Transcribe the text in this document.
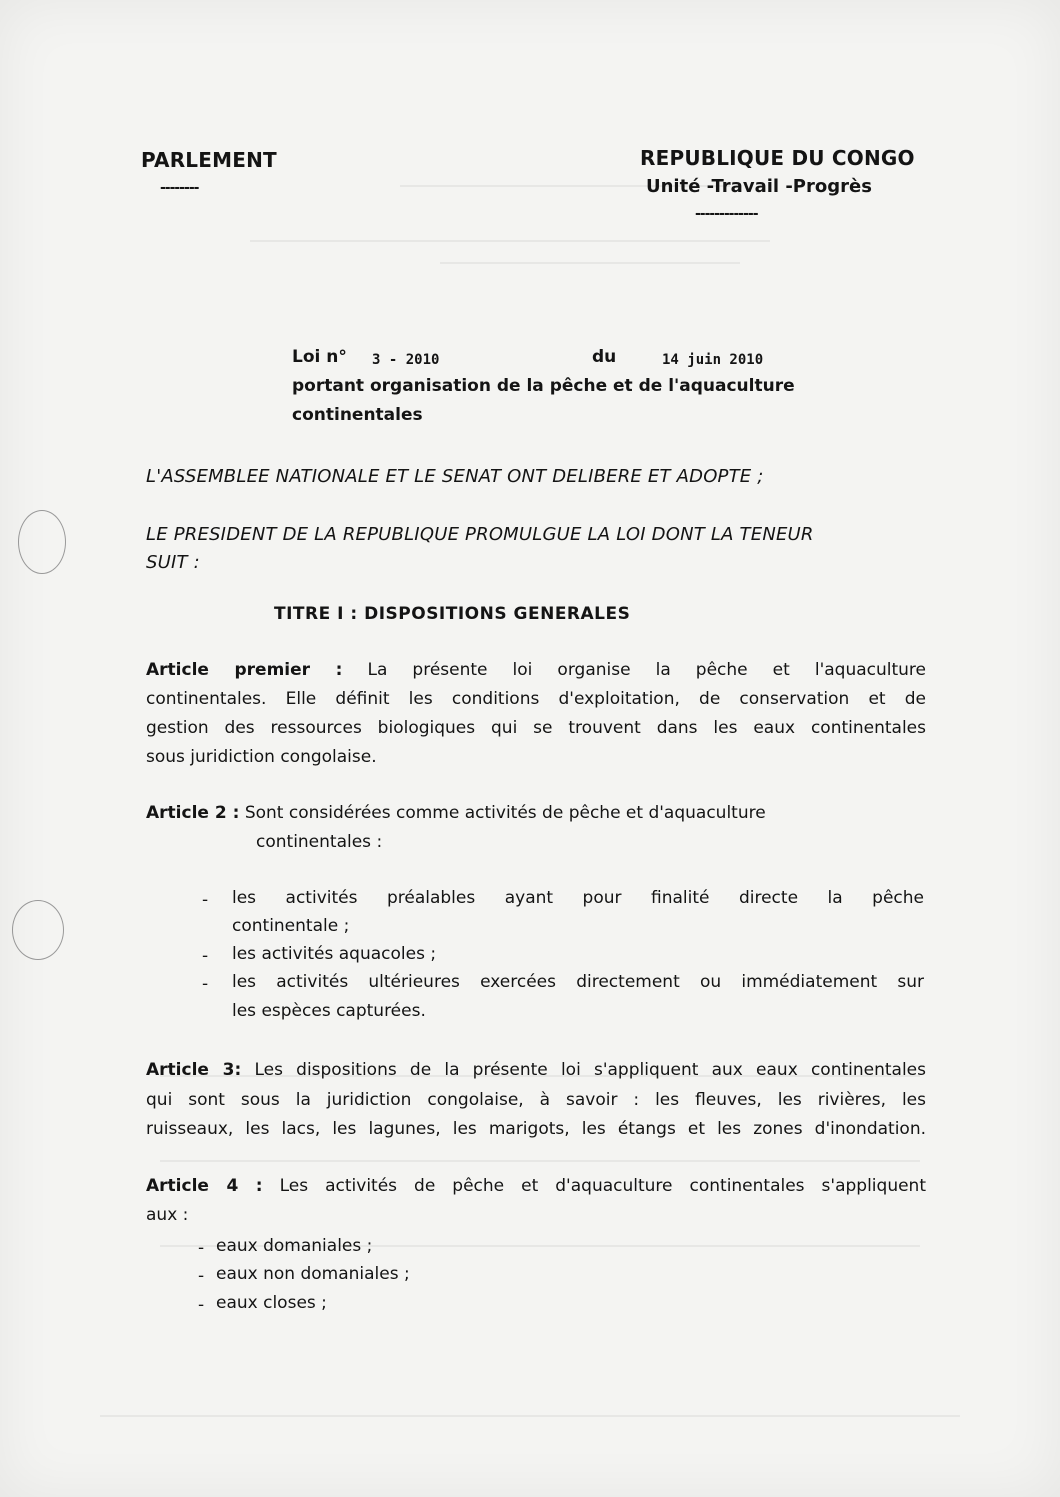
PARLEMENT
--------
REPUBLIQUE DU CONGO
Unité -Travail -Progrès
-------------
Loi n° 3 - 2010	du	14 juin 2010
portant organisation de la pêche et de l'aquaculture
continentales
L'ASSEMBLEE NATIONALE ET LE SENAT ONT DELIBERE ET ADOPTE ;
LE PRESIDENT DE LA REPUBLIQUE PROMULGUE LA LOI DONT LA TENEUR
SUIT :
TITRE I : DISPOSITIONS GENERALES
Article premier : La présente loi organise la pêche et l'aquaculture
continentales. Elle définit les conditions d'exploitation, de conservation et de
gestion des ressources biologiques qui se trouvent dans les eaux continentales
sous juridiction congolaise.
Article 2 : Sont considérées comme activités de pêche et d'aquaculture
continentales :
- les activités préalables ayant pour finalité directe la pêche
continentale ;
- les activités aquacoles ;
- les activités ultérieures exercées directement ou immédiatement sur
les espèces capturées.
Article 3: Les dispositions de la présente loi s'appliquent aux eaux continentales
qui sont sous la juridiction congolaise, à savoir : les fleuves, les rivières, les
ruisseaux, les lacs, les lagunes, les marigots, les étangs et les zones d'inondation.
Article 4 : Les activités de pêche et d'aquaculture continentales s'appliquent
aux :
- eaux domaniales ;
- eaux non domaniales ;
- eaux closes ;
